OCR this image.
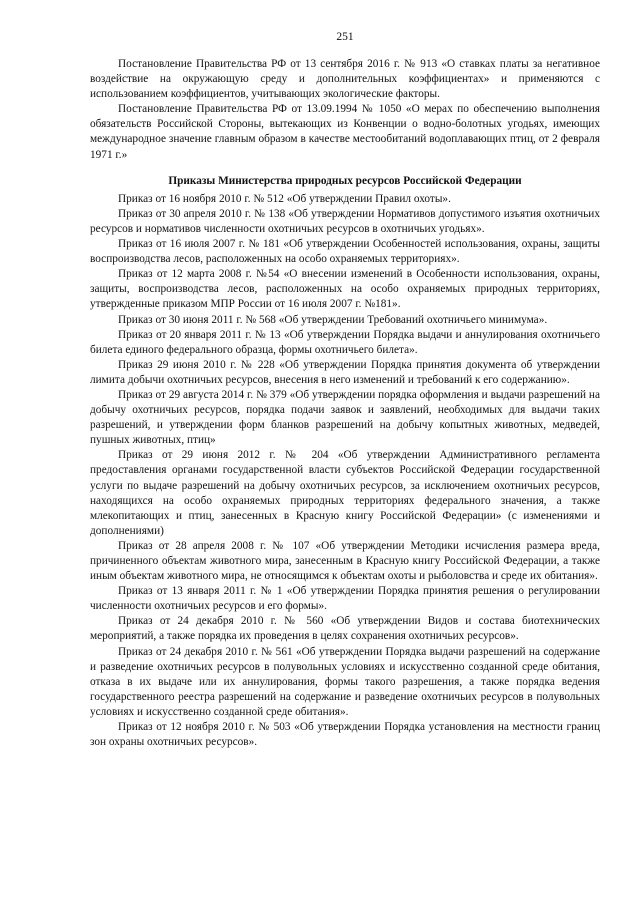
251

Постановление Правительства РФ от 13 сентября 2016 г. № 913 «О ставках платы за негативное воздействие на окружающую среду и дополнительных коэффициентах» и применяются с использованием коэффициентов, учитывающих экологические факторы.

Постановление Правительства РФ от 13.09.1994 № 1050 «О мерах по обеспечению выполнения обязательств Российской Стороны, вытекающих из Конвенции о водно-болотных угодьях, имеющих международное значение главным образом в качестве местообитаний водоплавающих птиц, от 2 февраля 1971 г.»

Приказы Министерства природных ресурсов Российской Федерации

Приказ от 16 ноября 2010 г. № 512 «Об утверждении Правил охоты».

Приказ от 30 апреля 2010 г. № 138 «Об утверждении Нормативов допустимого изъятия охотничьих ресурсов и нормативов численности охотничьих ресурсов в охотничьих угодьях».

Приказ от 16 июля 2007 г. № 181 «Об утверждении Особенностей использования, охраны, защиты воспроизводства лесов, расположенных на особо охраняемых территориях».

Приказ от 12 марта 2008 г. №54 «О внесении изменений в Особенности использования, охраны, защиты, воспроизводства лесов, расположенных на особо охраняемых природных территориях, утвержденные приказом МПР России от 16 июля 2007 г. №181».

Приказ от 30 июня 2011 г. № 568 «Об утверждении Требований охотничьего минимума».

Приказ от 20 января 2011 г. № 13 «Об утверждении Порядка выдачи и аннулирования охотничьего билета единого федерального образца, формы охотничьего билета».

Приказ 29 июня 2010 г. № 228 «Об утверждении Порядка принятия документа об утверждении лимита добычи охотничьих ресурсов, внесения в него изменений и требований к его содержанию».

Приказ от 29 августа 2014 г. № 379 «Об утверждении порядка оформления и выдачи разрешений на добычу охотничьих ресурсов, порядка подачи заявок и заявлений, необходимых для выдачи таких разрешений, и утверждении форм бланков разрешений на добычу копытных животных, медведей, пушных животных, птиц»

Приказ от 29 июня 2012 г. № 204 «Об утверждении Административного регламента предоставления органами государственной власти субъектов Российской Федерации государственной услуги по выдаче разрешений на добычу охотничьих ресурсов, за исключением охотничьих ресурсов, находящихся на особо охраняемых природных территориях федерального значения, а также млекопитающих и птиц, занесенных в Красную книгу Российской Федерации» (с изменениями и дополнениями)

Приказ от 28 апреля 2008 г. № 107 «Об утверждении Методики исчисления размера вреда, причиненного объектам животного мира, занесенным в Красную книгу Российской Федерации, а также иным объектам животного мира, не относящимся к объектам охоты и рыболовства и среде их обитания».

Приказ от 13 января 2011 г. № 1 «Об утверждении Порядка принятия решения о регулировании численности охотничьих ресурсов и его формы».

Приказ от 24 декабря 2010 г. № 560 «Об утверждении Видов и состава биотехнических мероприятий, а также порядка их проведения в целях сохранения охотничьих ресурсов».

Приказ от 24 декабря 2010 г. № 561 «Об утверждении Порядка выдачи разрешений на содержание и разведение охотничьих ресурсов в полувольных условиях и искусственно созданной среде обитания, отказа в их выдаче или их аннулирования, формы такого разрешения, а также порядка ведения государственного реестра разрешений на содержание и разведение охотничьих ресурсов в полувольных условиях и искусственно созданной среде обитания».

Приказ от 12 ноября 2010 г. № 503 «Об утверждении Порядка установления на местности границ зон охраны охотничьих ресурсов».
